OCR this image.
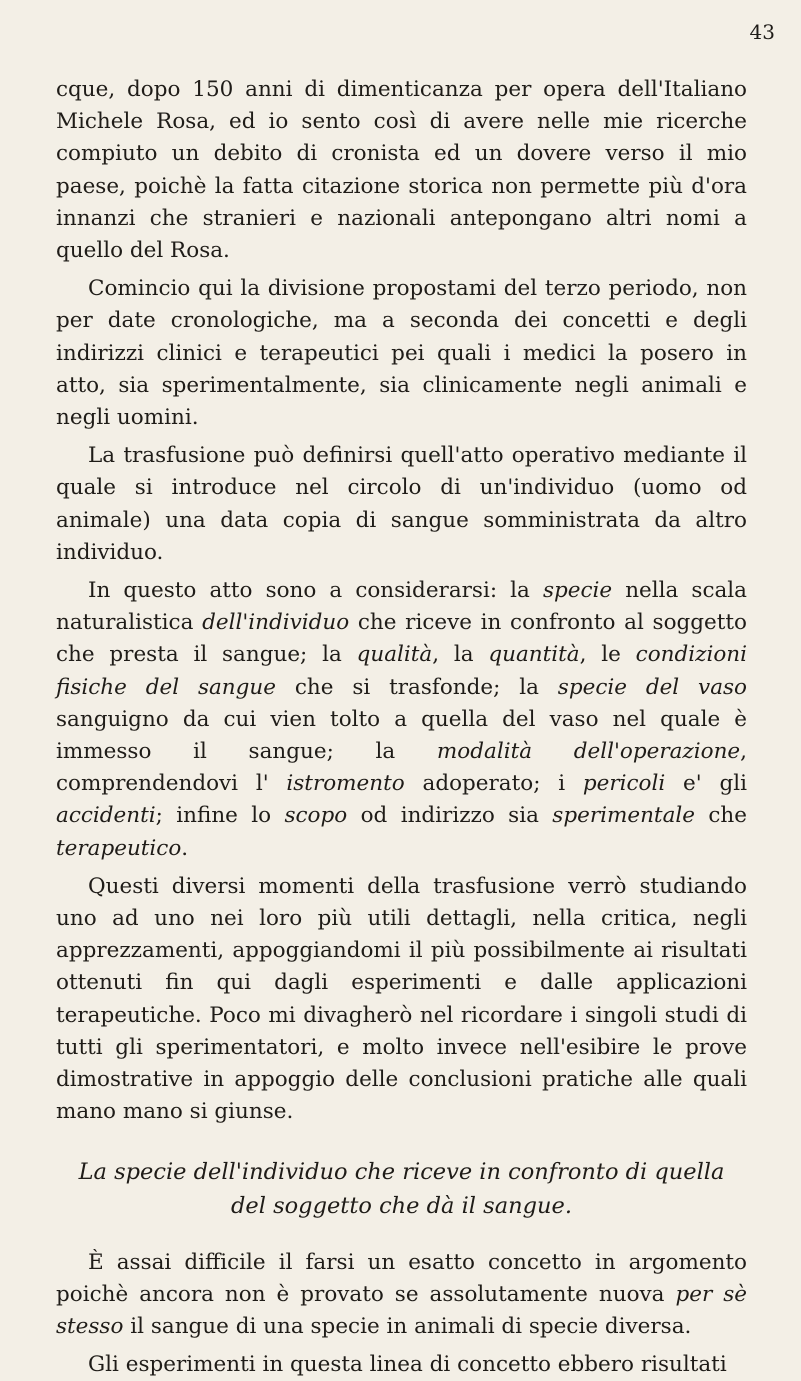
43

cque, dopo 150 anni di dimenticanza per opera dell'Italiano Michele Rosa, ed io sento così di avere nelle mie ricerche compiuto un debito di cronista ed un dovere verso il mio paese, poichè la fatta citazione storica non permette più d'ora innanzi che stranieri e nazionali antepongano altri nomi a quello del Rosa.

Comincio qui la divisione propostami del terzo periodo, non per date cronologiche, ma a seconda dei concetti e degli indirizzi clinici e terapeutici pei quali i medici la posero in atto, sia sperimentalmente, sia clinicamente negli animali e negli uomini.

La trasfusione può definirsi quell'atto operativo mediante il quale si introduce nel circolo di un'individuo (uomo od animale) una data copia di sangue somministrata da altro individuo.

In questo atto sono a considerarsi: la specie nella scala naturalistica dell'individuo che riceve in confronto al soggetto che presta il sangue; la qualità, la quantità, le condizioni fisiche del sangue che si trasfonde; la specie del vaso sanguigno da cui vien tolto a quella del vaso nel quale è immesso il sangue; la modalità dell'operazione, comprendendovi l' istromento adoperato; i pericoli e' gli accidenti; infine lo scopo od indirizzo sia sperimentale che terapeutico.

Questi diversi momenti della trasfusione verrò studiando uno ad uno nei loro più utili dettagli, nella critica, negli apprezzamenti, appoggiandomi il più possibilmente ai risultati ottenuti fin qui dagli esperimenti e dalle applicazioni terapeutiche. Poco mi divagherò nel ricordare i singoli studi di tutti gli sperimentatori, e molto invece nell'esibire le prove dimostrative in appoggio delle conclusioni pratiche alle quali mano mano si giunse.

La specie dell'individuo che riceve in confronto di quella del soggetto che dà il sangue.

È assai difficile il farsi un esatto concetto in argomento poichè ancora non è provato se assolutamente nuova per sè stesso il sangue di una specie in animali di specie diversa.

Gli esperimenti in questa linea di concetto ebbero risultati
